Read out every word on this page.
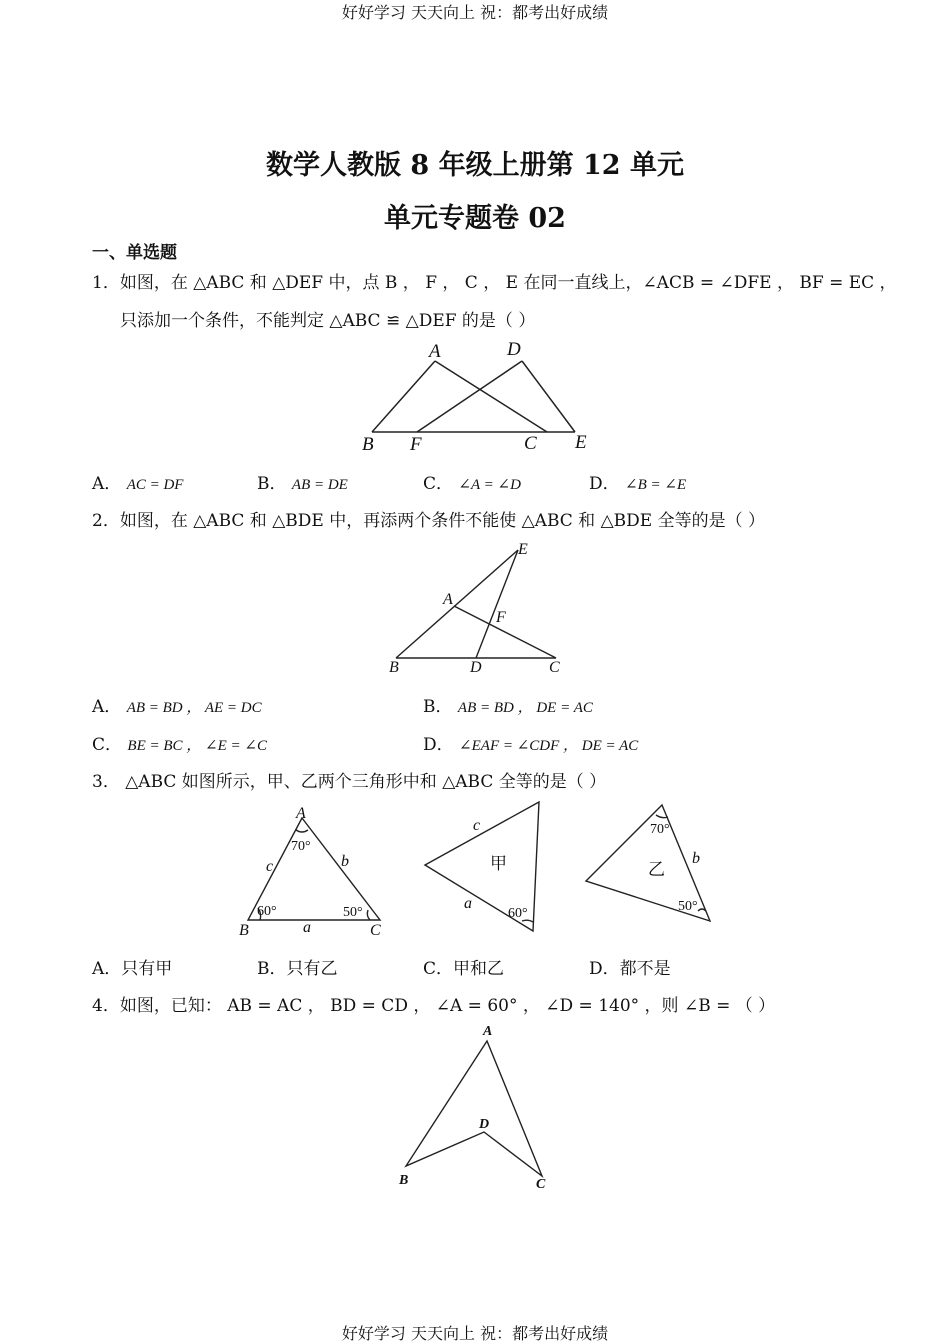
好好学习 天天向上 祝：都考出好成绩
数学人教版 8 年级上册第 12 单元
单元专题卷 02
一、单选题
1．如图，在 △ABC 和 △DEF 中，点 B ， F ， C ， E 在同一直线上，∠ACB = ∠DFE ， BF = EC ，
只添加一个条件，不能判定 △ABC ≌ △DEF 的是（ ）
A	D
B F	C E
A． AC = DF	B． AB = DE	C． ∠A = ∠D	D． ∠B = ∠E
2．如图，在 △ABC 和 △BDE 中，再添两个条件不能使 △ABC 和 △BDE 全等的是（ ）
E
A
F
B	D	C
A． AB = BD ， AE = DC	B． AB = BD ， DE = AC
C． BE = BC ， ∠E = ∠C	D． ∠EAF = ∠CDF ， DE = AC
3． △ABC 如图所示，甲、乙两个三角形中和 △ABC 全等的是（ ）
A
B	C
c	b
a
70°
60°	50°
c
a
甲
60°
70°
b
乙
50°
A．只有甲	B．只有乙	C．甲和乙	D．都不是
4．如图，已知： AB = AC ， BD = CD ， ∠A = 60° ， ∠D = 140° ，则 ∠B = （ ）
A
D
B	C
好好学习 天天向上 祝：都考出好成绩
